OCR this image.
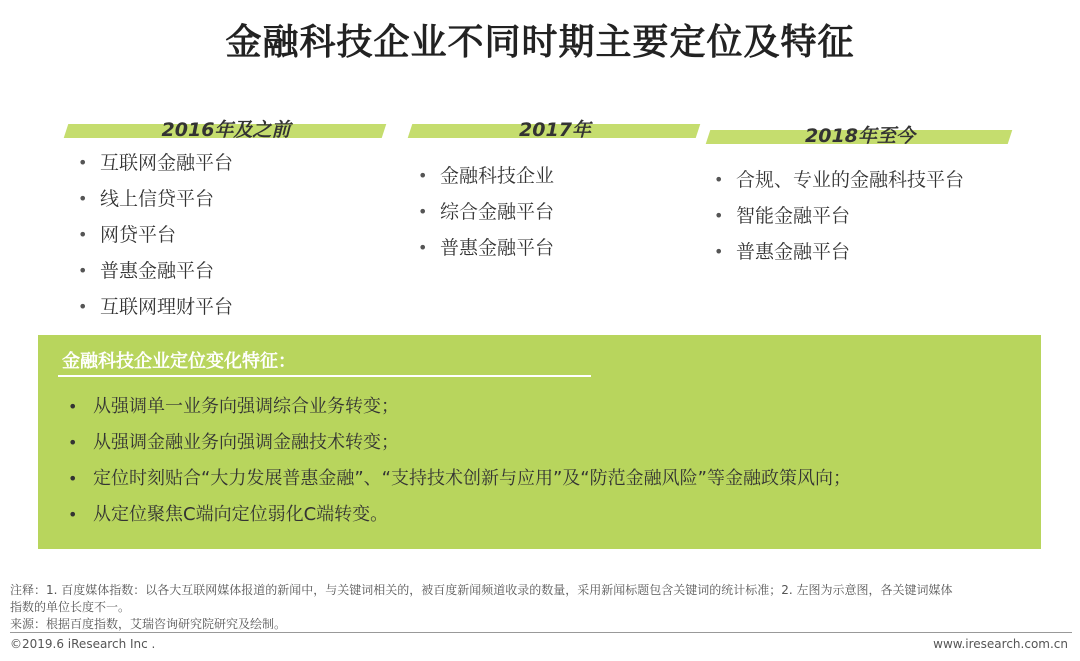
金融科技企业不同时期主要定位及特征
2016年及之前
• 互联网金融平台
• 线上信贷平台
• 网贷平台
• 普惠金融平台
• 互联网理财平台
2017年
• 金融科技企业
• 综合金融平台
• 普惠金融平台
2018年至今
• 合规、专业的金融科技平台
• 智能金融平台
• 普惠金融平台
金融科技企业定位变化特征：
• 从强调单一业务向强调综合业务转变；
• 从强调金融业务向强调金融技术转变；
• 定位时刻贴合“大力发展普惠金融”、“支持技术创新与应用”及“防范金融风险”等金融政策风向；
• 从定位聚焦C端向定位弱化C端转变。
注释：1. 百度媒体指数：以各大互联网媒体报道的新闻中，与关键词相关的，被百度新闻频道收录的数量，采用新闻标题包含关键词的统计标准；2. 左图为示意图，各关键词媒体
指数的单位长度不一。
来源：根据百度指数，艾瑞咨询研究院研究及绘制。
©2019.6 iResearch Inc .	www.iresearch.com.cn
